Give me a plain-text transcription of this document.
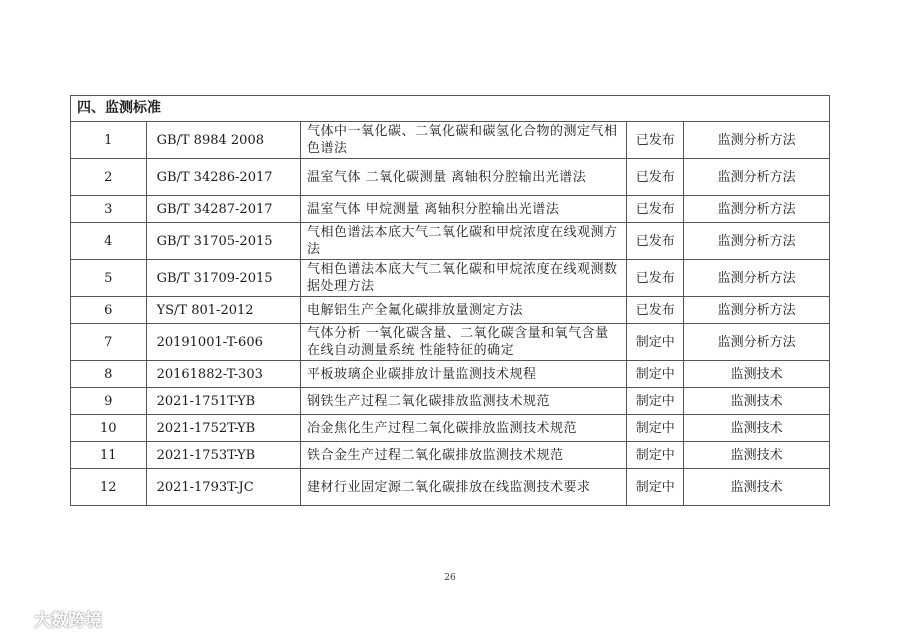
四、监测标准				
1	GB/T 8984 2008	气体中一氧化碳、二氧化碳和碳氢化合物的测定气相色谱法	已发布	监测分析方法
2	GB/T 34286-2017	温室气体 二氧化碳测量 离轴积分腔输出光谱法	已发布	监测分析方法
3	GB/T 34287-2017	温室气体 甲烷测量 离轴积分腔输出光谱法	已发布	监测分析方法
4	GB/T 31705-2015	气相色谱法本底大气二氧化碳和甲烷浓度在线观测方法	已发布	监测分析方法
5	GB/T 31709-2015	气相色谱法本底大气二氧化碳和甲烷浓度在线观测数据处理方法	已发布	监测分析方法
6	YS/T 801-2012	电解铝生产全氟化碳排放量测定方法	已发布	监测分析方法
7	20191001-T-606	气体分析 一氧化碳含量、二氧化碳含量和氧气含量在线自动测量系统 性能特征的确定	制定中	监测分析方法
8	20161882-T-303	平板玻璃企业碳排放计量监测技术规程	制定中	监测技术
9	2021-1751T-YB	钢铁生产过程二氧化碳排放监测技术规范	制定中	监测技术
10	2021-1752T-YB	冶金焦化生产过程二氧化碳排放监测技术规范	制定中	监测技术
11	2021-1753T-YB	铁合金生产过程二氧化碳排放监测技术规范	制定中	监测技术
12	2021-1793T-JC	建材行业固定源二氧化碳排放在线监测技术要求	制定中	监测技术
26
大数跨境
